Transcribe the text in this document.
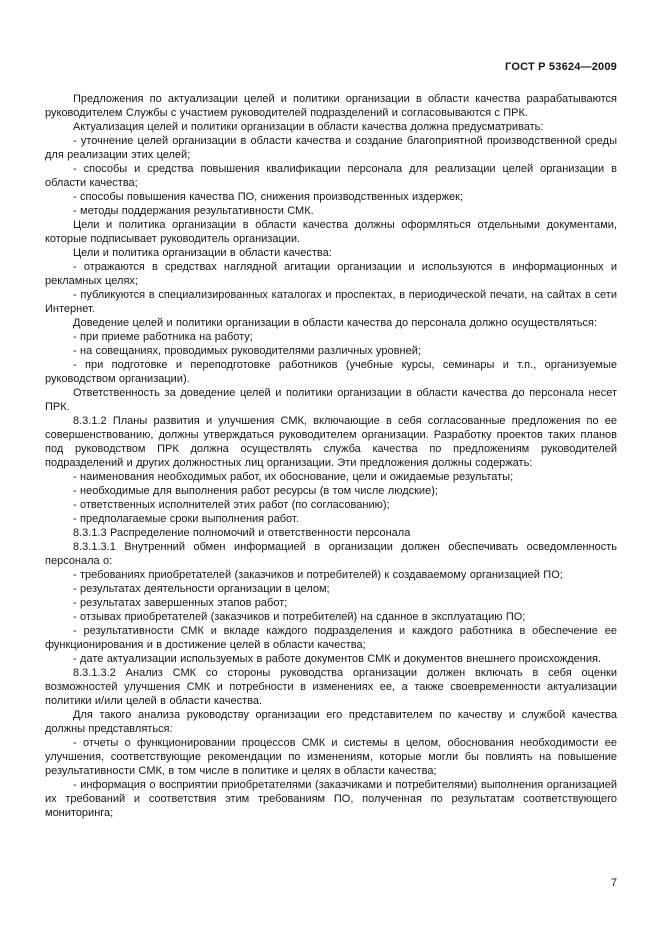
ГОСТ Р 53624—2009

Предложения по актуализации целей и политики организации в области качества разрабатываются руководителем Службы с участием руководителей подразделений и согласовываются с ПРК.

Актуализация целей и политики организации в области качества должна предусматривать:

- уточнение целей организации в области качества и создание благоприятной производственной среды для реализации этих целей;

- способы и средства повышения квалификации персонала для реализации целей организации в области качества;

- способы повышения качества ПО, снижения производственных издержек;

- методы поддержания результативности СМК.

Цели и политика организации в области качества должны оформляться отдельными документами, которые подписывает руководитель организации.

Цели и политика организации в области качества:

- отражаются в средствах наглядной агитации организации и используются в информационных и рекламных целях;

- публикуются в специализированных каталогах и проспектах, в периодической печати, на сайтах в сети Интернет.

Доведение целей и политики организации в области качества до персонала должно осуществляться:

- при приеме работника на работу;

- на совещаниях, проводимых руководителями различных уровней;

- при подготовке и переподготовке работников (учебные курсы, семинары и т.п., организуемые руководством организации).

Ответственность за доведение целей и политики организации в области качества до персонала несет ПРК.

8.3.1.2 Планы развития и улучшения СМК, включающие в себя согласованные предложения по ее совершенствованию, должны утверждаться руководителем организации. Разработку проектов таких планов под руководством ПРК должна осуществлять служба качества по предложениям руководителей подразделений и других должностных лиц организации. Эти предложения должны содержать:

- наименования необходимых работ, их обоснование, цели и ожидаемые результаты;

- необходимые для выполнения работ ресурсы (в том числе людские);

- ответственных исполнителей этих работ (по согласованию);

- предполагаемые сроки выполнения работ.

8.3.1.3 Распределение полномочий и ответственности персонала

8.3.1.3.1 Внутренний обмен информацией в организации должен обеспечивать осведомленность персонала о:

- требованиях приобретателей (заказчиков и потребителей) к создаваемому организацией ПО;

- результатах деятельности организации в целом;

- результатах завершенных этапов работ;

- отзывах приобретателей (заказчиков и потребителей) на сданное в эксплуатацию ПО;

- результативности СМК и вкладе каждого подразделения и каждого работника в обеспечение ее функционирования и в достижение целей в области качества;

- дате актуализации используемых в работе документов СМК и документов внешнего происхождения.

8.3.1.3.2 Анализ СМК со стороны руководства организации должен включать в себя оценки возможностей улучшения СМК и потребности в изменениях ее, а также своевременности актуализации политики и/или целей в области качества.

Для такого анализа руководству организации его представителем по качеству и службой качества должны представляться:

- отчеты о функционировании процессов СМК и системы в целом, обоснования необходимости ее улучшения, соответствующие рекомендации по изменениям, которые могли бы повлиять на повышение результативности СМК, в том числе в политике и целях в области качества;

- информация о восприятии приобретателями (заказчиками и потребителями) выполнения организацией их требований и соответствия этим требованиям ПО, полученная по результатам соответствующего мониторинга;

7
